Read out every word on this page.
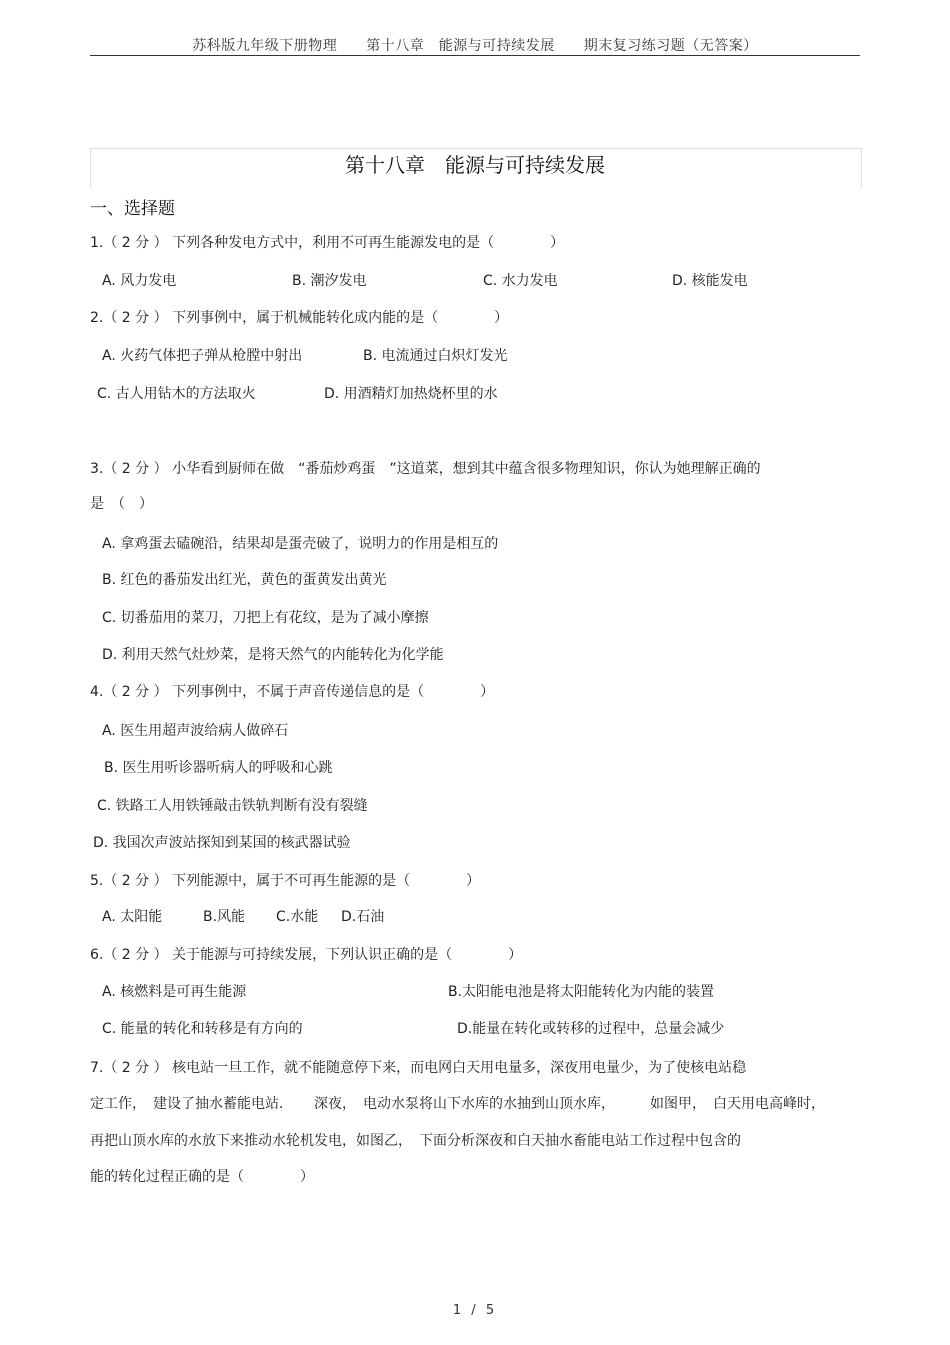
苏科版九年级下册物理　　第十八章　能源与可持续发展　　期末复习练习题（无答案）
第十八章　能源与可持续发展
一、选择题
1.（ 2 分 ） 下列各种发电方式中，利用不可再生能源发电的是（　　　　）
A. 风力发电	B. 潮汐发电	C. 水力发电	D. 核能发电
2.（ 2 分 ） 下列事例中，属于机械能转化成内能的是（　　　　）
A. 火药气体把子弹从枪膛中射出	B. 电流通过白炽灯发光
C. 古人用钻木的方法取火	D. 用酒精灯加热烧杯里的水
3.（ 2 分 ） 小华看到厨师在做　“番茄炒鸡蛋　”这道菜，想到其中蕴含很多物理知识，你认为她理解正确的
是　（　）
A. 拿鸡蛋去磕碗沿，结果却是蛋壳破了，说明力的作用是相互的
B. 红色的番茄发出红光，黄色的蛋黄发出黄光
C. 切番茄用的菜刀，刀把上有花纹，是为了减小摩擦
D. 利用天然气灶炒菜，是将天然气的内能转化为化学能
4.（ 2 分 ） 下列事例中，不属于声音传递信息的是（　　　　）
A. 医生用超声波给病人做碎石
B. 医生用听诊器听病人的呼吸和心跳
C. 铁路工人用铁锤敲击铁轨判断有没有裂缝
D. 我国次声波站探知到某国的核武器试验
5.（ 2 分 ） 下列能源中，属于不可再生能源的是（　　　　）
A. 太阳能	B.风能 C.水能 D.石油
6.（ 2 分 ） 关于能源与可持续发展，下列认识正确的是（　　　　）
A. 核燃料是可再生能源	B.太阳能电池是将太阳能转化为内能的装置
C. 能量的转化和转移是有方向的	D.能量在转化或转移的过程中，总量会减少
7.（ 2 分 ） 核电站一旦工作，就不能随意停下来，而电网白天用电量多，深夜用电量少，为了使核电站稳
定工作，　建设了抽水蓄能电站．　　深夜，　电动水泵将山下水库的水抽到山顶水库，　　　如图甲，　白天用电高峰时，
再把山顶水库的水放下来推动水轮机发电，如图乙，　下面分析深夜和白天抽水畜能电站工作过程中包含的
能的转化过程正确的是（　　　　）
1 / 5
